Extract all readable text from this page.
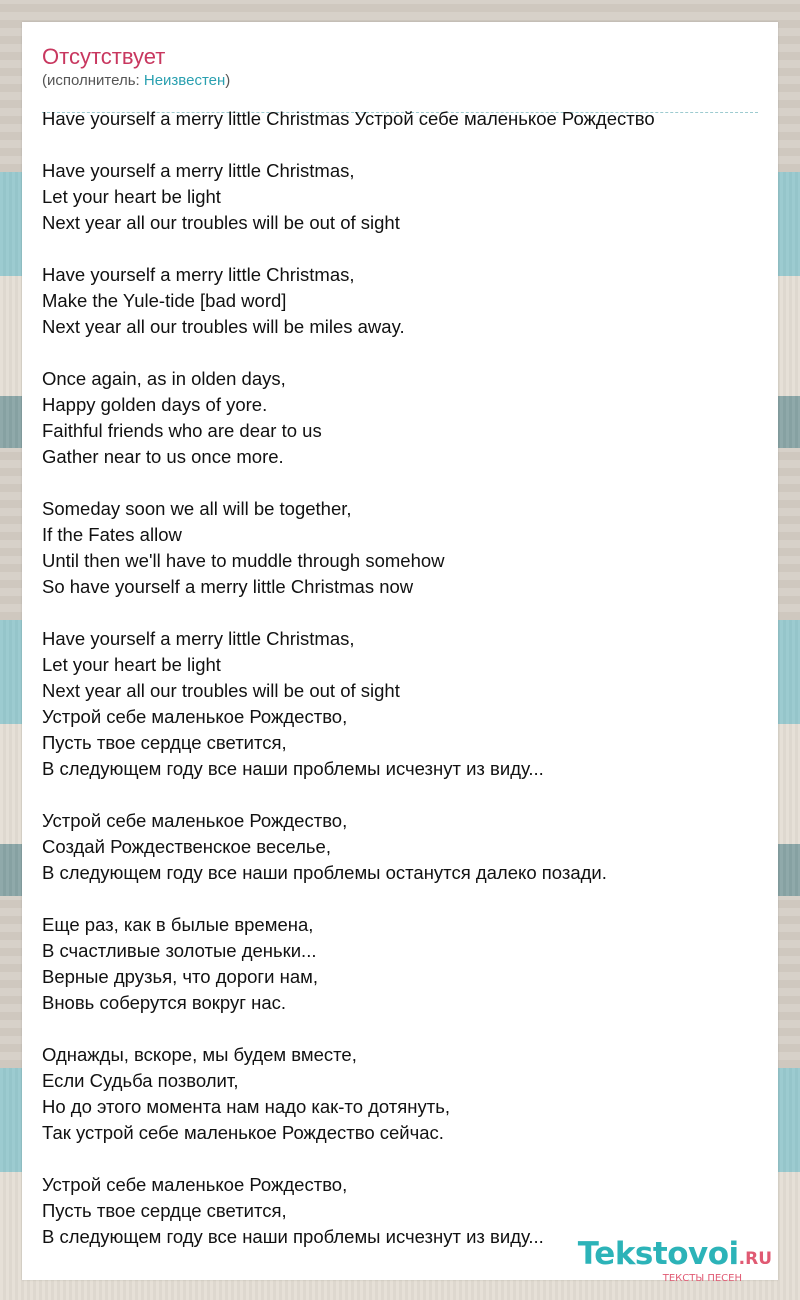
Отсутствует
(исполнитель: Неизвестен)
Have yourself a merry little Christmas Устрой себе маленькое Рождество
Have yourself a merry little Christmas,
Let your heart be light
Next year all our troubles will be out of sight
Have yourself a merry little Christmas,
Make the Yule-tide [bad word]
Next year all our troubles will be miles away.
Once again, as in olden days,
Happy golden days of yore.
Faithful friends who are dear to us
Gather near to us once more.
Someday soon we all will be together,
If the Fates allow
Until then we'll have to muddle through somehow
So have yourself a merry little Christmas now
Have yourself a merry little Christmas,
Let your heart be light
Next year all our troubles will be out of sight
Устрой себе маленькое Рождество,
Пусть твое сердце светится,
В следующем году все наши проблемы исчезнут из виду...
Устрой себе маленькое Рождество,
Создай Рождественское веселье,
В следующем году все наши проблемы останутся далеко позади.
Еще раз, как в былые времена,
В счастливые золотые деньки...
Верные друзья, что дороги нам,
Вновь соберутся вокруг нас.
Однажды, вскоре, мы будем вместе,
Если Судьба позволит,
Но до этого момента нам надо как-то дотянуть,
Так устрой себе маленькое Рождество сейчас.
Устрой себе маленькое Рождество,
Пусть твое сердце светится,
В следующем году все наши проблемы исчезнут из виду...	Tekstovoi.RU
ТЕКСТЫ ПЕСЕН
